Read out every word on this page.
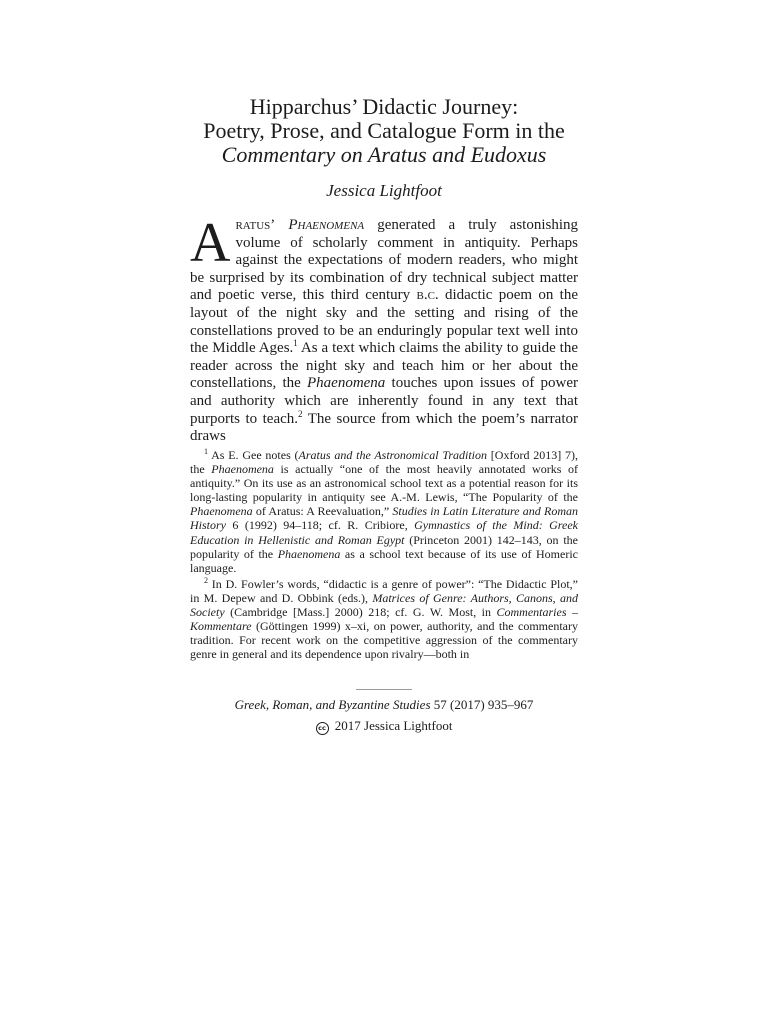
Hipparchus’ Didactic Journey:
Poetry, Prose, and Catalogue Form in the
Commentary on Aratus and Eudoxus
Jessica Lightfoot
Aratus’ Phaenomena generated a truly astonishing volume of scholarly comment in antiquity. Perhaps against the expectations of modern readers, who might be surprised by its combination of dry technical subject matter and poetic verse, this third century b.c. didactic poem on the layout of the night sky and the setting and rising of the constellations proved to be an enduringly popular text well into the Middle Ages.$^1$ As a text which claims the ability to guide the reader across the night sky and teach him or her about the constellations, the Phaenomena touches upon issues of power and authority which are inherently found in any text that purports to teach.$^2$ The source from which the poem’s narrator draws

$^1$ As E. Gee notes (Aratus and the Astronomical Tradition [Oxford 2013] 7), the Phaenomena is actually “one of the most heavily annotated works of antiquity.” On its use as an astronomical school text as a potential reason for its long-lasting popularity in antiquity see A.-M. Lewis, “The Popularity of the Phaenomena of Aratus: A Reevaluation,” Studies in Latin Literature and Roman History 6 (1992) 94–118; cf. R. Cribiore, Gymnastics of the Mind: Greek Education in Hellenistic and Roman Egypt (Princeton 2001) 142–143, on the popularity of the Phaenomena as a school text because of its use of Homeric language.

$^2$ In D. Fowler’s words, “didactic is a genre of power”: “The Didactic Plot,” in M. Depew and D. Obbink (eds.), Matrices of Genre: Authors, Canons, and Society (Cambridge [Mass.] 2000) 218; cf. G. W. Most, in Commentaries – Kommentare (Göttingen 1999) x–xi, on power, authority, and the commentary tradition. For recent work on the competitive aggression of the commentary genre in general and its dependence upon rivalry—both in

Greek, Roman, and Byzantine Studies 57 (2017) 935–967
cc 2017 Jessica Lightfoot
